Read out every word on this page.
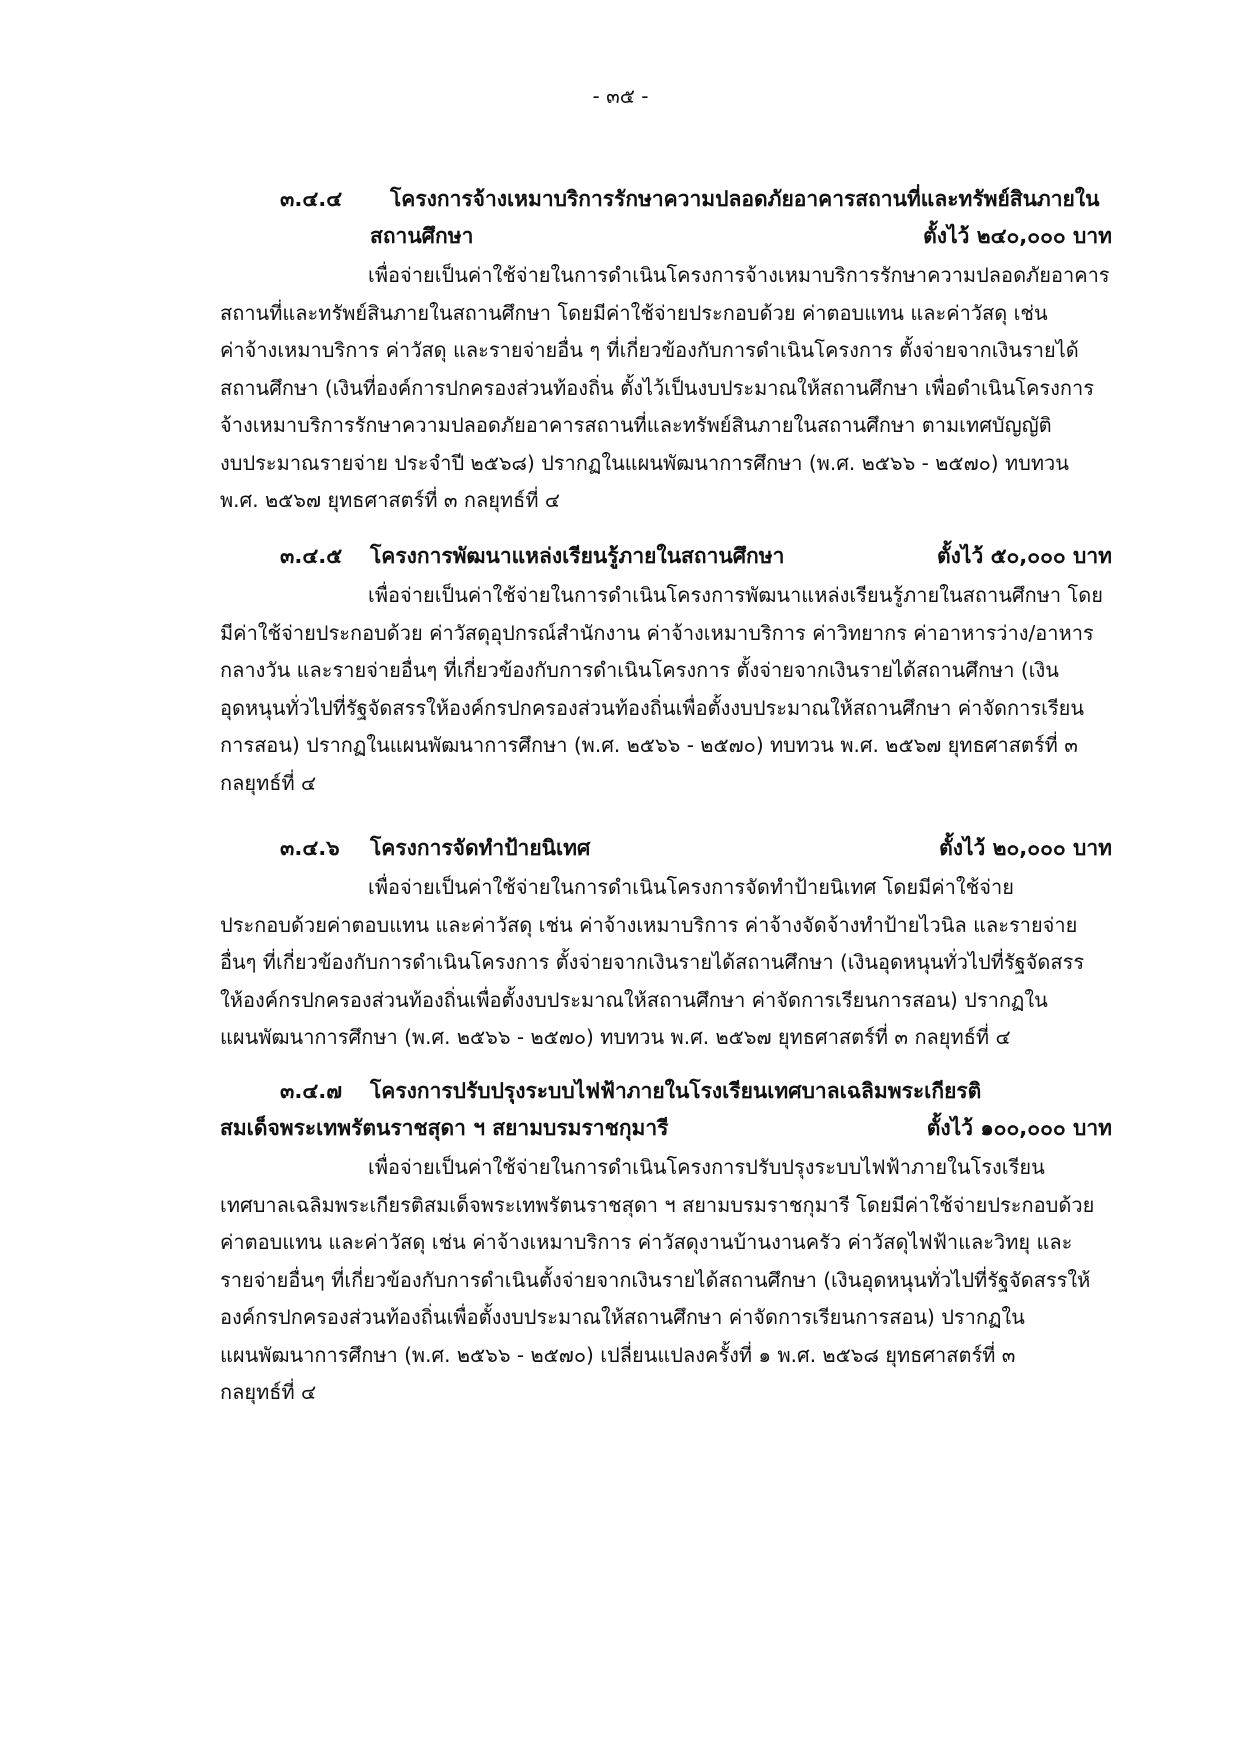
- ๓๕ -
๓.๔.๔ โครงการจ้างเหมาบริการรักษาความปลอดภัยอาคารสถานที่และทรัพย์สินภายใน
สถานศึกษา	ตั้งไว้ ๒๔๐,๐๐๐ บาท

เพื่อจ่ายเป็นค่าใช้จ่ายในการดำเนินโครงการจ้างเหมาบริการรักษาความปลอดภัยอาคาร
สถานที่และทรัพย์สินภายในสถานศึกษา โดยมีค่าใช้จ่ายประกอบด้วย ค่าตอบแทน และค่าวัสดุ เช่น
ค่าจ้างเหมาบริการ ค่าวัสดุ และรายจ่ายอื่น ๆ ที่เกี่ยวข้องกับการดำเนินโครงการ ตั้งจ่ายจากเงินรายได้
สถานศึกษา (เงินที่องค์การปกครองส่วนท้องถิ่น ตั้งไว้เป็นงบประมาณให้สถานศึกษา เพื่อดำเนินโครงการ
จ้างเหมาบริการรักษาความปลอดภัยอาคารสถานที่และทรัพย์สินภายในสถานศึกษา ตามเทศบัญญัติ
งบประมาณรายจ่าย ประจำปี ๒๕๖๘) ปรากฏในแผนพัฒนาการศึกษา (พ.ศ. ๒๕๖๖ - ๒๕๗๐) ทบทวน
พ.ศ. ๒๕๖๗ ยุทธศาสตร์ที่ ๓ กลยุทธ์ที่ ๔

๓.๔.๕ โครงการพัฒนาแหล่งเรียนรู้ภายในสถานศึกษา	ตั้งไว้ ๕๐,๐๐๐ บาท

เพื่อจ่ายเป็นค่าใช้จ่ายในการดำเนินโครงการพัฒนาแหล่งเรียนรู้ภายในสถานศึกษา โดย
มีค่าใช้จ่ายประกอบด้วย ค่าวัสดุอุปกรณ์สำนักงาน ค่าจ้างเหมาบริการ ค่าวิทยากร ค่าอาหารว่าง/อาหาร
กลางวัน และรายจ่ายอื่นๆ ที่เกี่ยวข้องกับการดำเนินโครงการ ตั้งจ่ายจากเงินรายได้สถานศึกษา (เงิน
อุดหนุนทั่วไปที่รัฐจัดสรรให้องค์กรปกครองส่วนท้องถิ่นเพื่อตั้งงบประมาณให้สถานศึกษา ค่าจัดการเรียน
การสอน) ปรากฏในแผนพัฒนาการศึกษา (พ.ศ. ๒๕๖๖ - ๒๕๗๐) ทบทวน พ.ศ. ๒๕๖๗ ยุทธศาสตร์ที่ ๓
กลยุทธ์ที่ ๔

๓.๔.๖ โครงการจัดทำป้ายนิเทศ	ตั้งไว้ ๒๐,๐๐๐ บาท

เพื่อจ่ายเป็นค่าใช้จ่ายในการดำเนินโครงการจัดทำป้ายนิเทศ โดยมีค่าใช้จ่าย
ประกอบด้วยค่าตอบแทน และค่าวัสดุ เช่น ค่าจ้างเหมาบริการ ค่าจ้างจัดจ้างทำป้ายไวนิล และรายจ่าย
อื่นๆ ที่เกี่ยวข้องกับการดำเนินโครงการ ตั้งจ่ายจากเงินรายได้สถานศึกษา (เงินอุดหนุนทั่วไปที่รัฐจัดสรร
ให้องค์กรปกครองส่วนท้องถิ่นเพื่อตั้งงบประมาณให้สถานศึกษา ค่าจัดการเรียนการสอน) ปรากฏใน
แผนพัฒนาการศึกษา (พ.ศ. ๒๕๖๖ - ๒๕๗๐) ทบทวน พ.ศ. ๒๕๖๗ ยุทธศาสตร์ที่ ๓ กลยุทธ์ที่ ๔

๓.๔.๗ โครงการปรับปรุงระบบไฟฟ้าภายในโรงเรียนเทศบาลเฉลิมพระเกียรติ
สมเด็จพระเทพรัตนราชสุดา ฯ สยามบรมราชกุมารี	ตั้งไว้ ๑๐๐,๐๐๐ บาท

เพื่อจ่ายเป็นค่าใช้จ่ายในการดำเนินโครงการปรับปรุงระบบไฟฟ้าภายในโรงเรียน
เทศบาลเฉลิมพระเกียรติสมเด็จพระเทพรัตนราชสุดา ฯ สยามบรมราชกุมารี โดยมีค่าใช้จ่ายประกอบด้วย
ค่าตอบแทน และค่าวัสดุ เช่น ค่าจ้างเหมาบริการ ค่าวัสดุงานบ้านงานครัว ค่าวัสดุไฟฟ้าและวิทยุ และ
รายจ่ายอื่นๆ ที่เกี่ยวข้องกับการดำเนินตั้งจ่ายจากเงินรายได้สถานศึกษา (เงินอุดหนุนทั่วไปที่รัฐจัดสรรให้
องค์กรปกครองส่วนท้องถิ่นเพื่อตั้งงบประมาณให้สถานศึกษา ค่าจัดการเรียนการสอน) ปรากฏใน
แผนพัฒนาการศึกษา (พ.ศ. ๒๕๖๖ - ๒๕๗๐) เปลี่ยนแปลงครั้งที่ ๑ พ.ศ. ๒๕๖๘ ยุทธศาสตร์ที่ ๓
กลยุทธ์ที่ ๔
